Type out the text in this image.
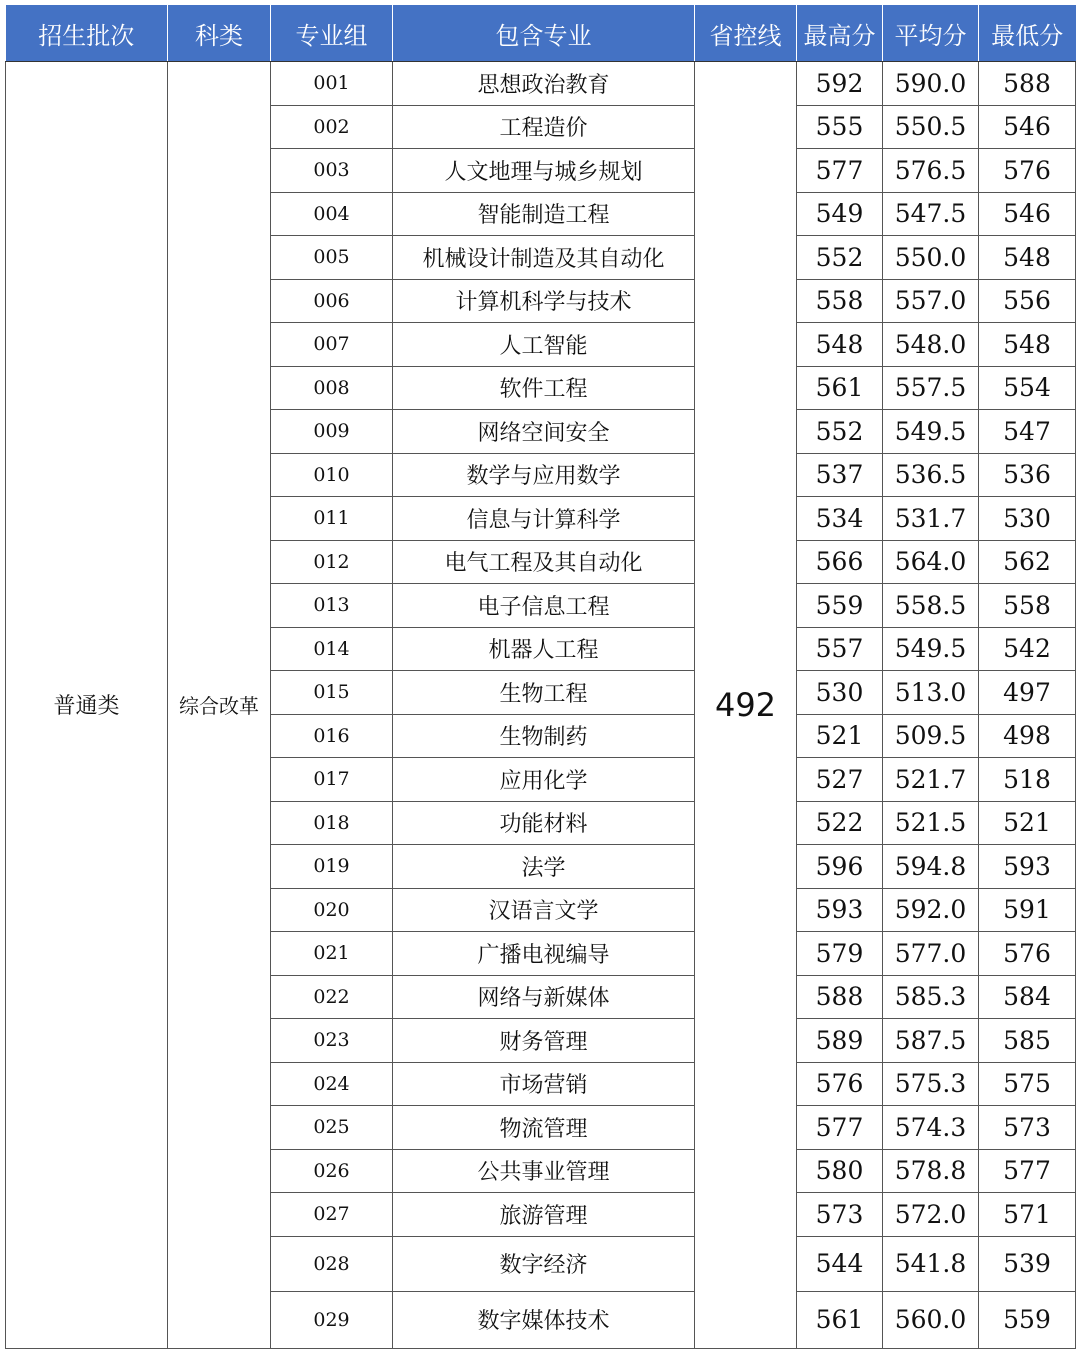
招生批次	科类	专业组	包含专业	省控线	最高分	平均分	最低分
普通类	综合改革	001	思想政治教育	492	592	590.0	588
		002	工程造价		555	550.5	546
		003	人文地理与城乡规划		577	576.5	576
		004	智能制造工程		549	547.5	546
		005	机械设计制造及其自动化		552	550.0	548
		006	计算机科学与技术		558	557.0	556
		007	人工智能		548	548.0	548
		008	软件工程		561	557.5	554
		009	网络空间安全		552	549.5	547
		010	数学与应用数学		537	536.5	536
		011	信息与计算科学		534	531.7	530
		012	电气工程及其自动化		566	564.0	562
		013	电子信息工程		559	558.5	558
		014	机器人工程		557	549.5	542
		015	生物工程		530	513.0	497
		016	生物制药		521	509.5	498
		017	应用化学		527	521.7	518
		018	功能材料		522	521.5	521
		019	法学		596	594.8	593
		020	汉语言文学		593	592.0	591
		021	广播电视编导		579	577.0	576
		022	网络与新媒体		588	585.3	584
		023	财务管理		589	587.5	585
		024	市场营销		576	575.3	575
		025	物流管理		577	574.3	573
		026	公共事业管理		580	578.8	577
		027	旅游管理		573	572.0	571
		028	数字经济		544	541.8	539
		029	数字媒体技术		561	560.0	559
